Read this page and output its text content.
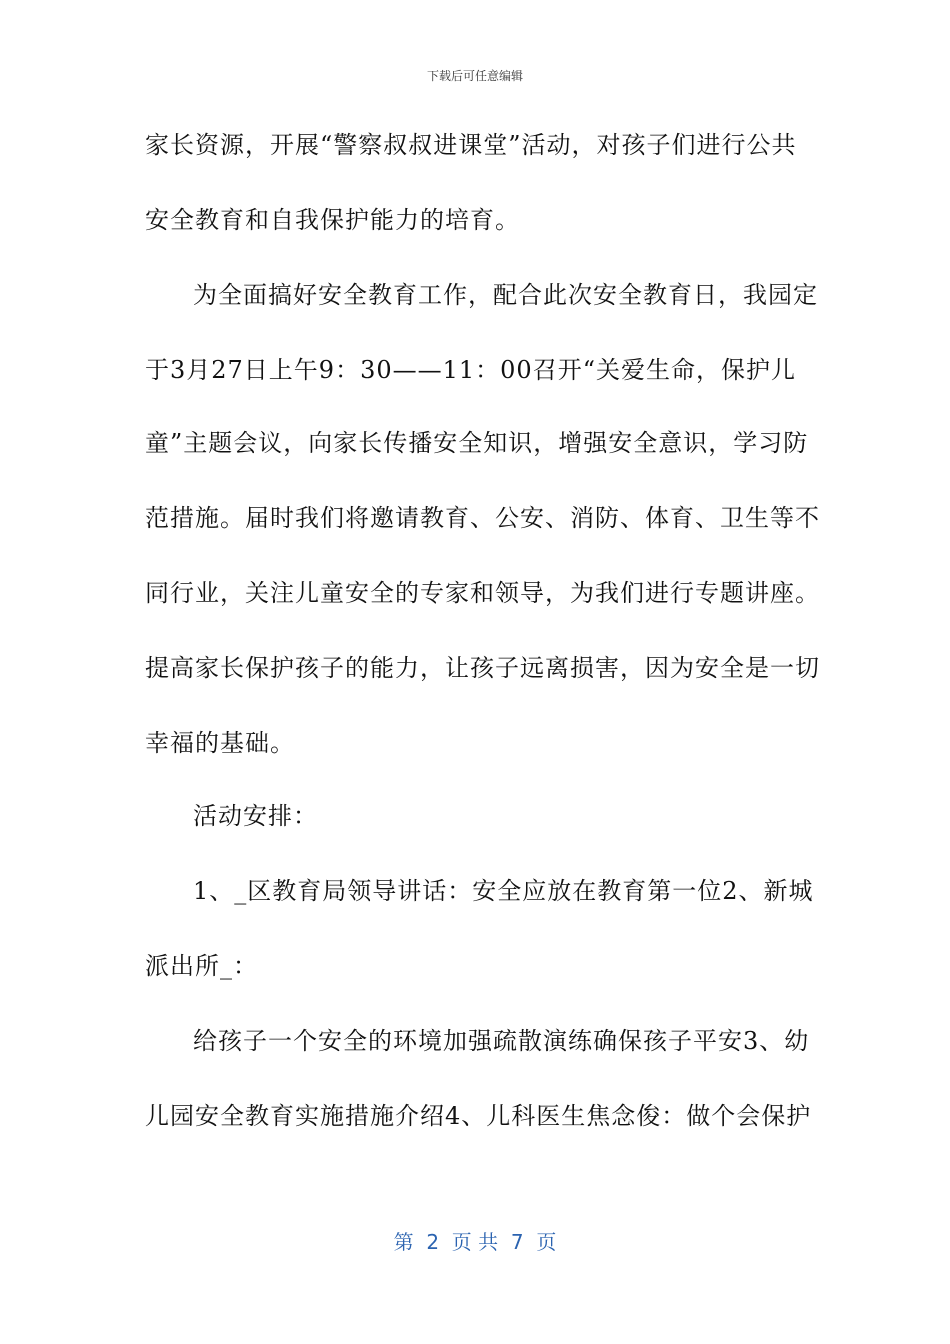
下载后可任意编辑
家长资源，开展“警察叔叔进课堂”活动，对孩子们进行公共
安全教育和自我保护能力的培育。
为全面搞好安全教育工作，配合此次安全教育日，我园定
于3月27日上午9：30——11：00召开“关爱生命，保护儿
童”主题会议，向家长传播安全知识，增强安全意识，学习防
范措施。届时我们将邀请教育、公安、消防、体育、卫生等不
同行业，关注儿童安全的专家和领导，为我们进行专题讲座。
提高家长保护孩子的能力，让孩子远离损害，因为安全是一切
幸福的基础。
活动安排：
1、_区教育局领导讲话：安全应放在教育第一位2、新城
派出所_：
给孩子一个安全的环境加强疏散演练确保孩子平安3、幼
儿园安全教育实施措施介绍4、儿科医生焦念俊：做个会保护
第  2  页 共  7  页
